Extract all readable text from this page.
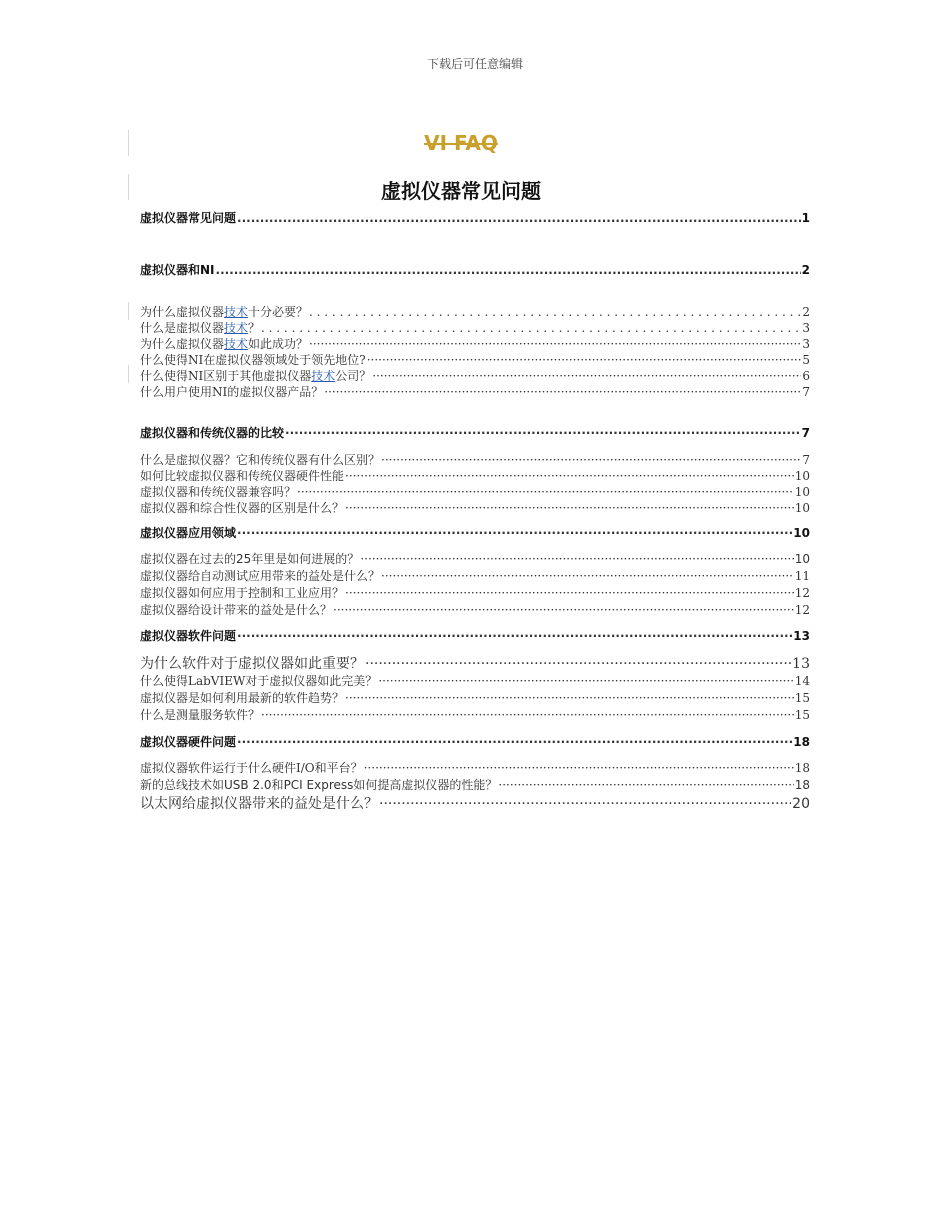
下载后可任意编辑
VI FAQ
虚拟仪器常见问题
虚拟仪器常见问题 .....	1
虚拟仪器和NI .....	2
为什么虚拟仪器技术十分必要？ . . .	2
什么是虚拟仪器技术？ . . .	3
为什么虚拟仪器技术如此成功？ ·····	3
什么使得NI在虚拟仪器领域处于领先地位? ·····	5
什么使得NI区别于其他虚拟仪器技术公司？ ·····	6
什么用户使用NI的虚拟仪器产品？ ·····	7
虚拟仪器和传统仪器的比较 ·····	7
什么是虚拟仪器？它和传统仪器有什么区别？ ·····	7
如何比较虚拟仪器和传统仪器硬件性能 ·····	10
虚拟仪器和传统仪器兼容吗？ ·····	10
虚拟仪器和综合性仪器的区别是什么？ ·····	10
虚拟仪器应用领域 ·····	10
虚拟仪器在过去的25年里是如何进展的？ ·····	10
虚拟仪器给自动测试应用带来的益处是什么？ ·····	11
虚拟仪器如何应用于控制和工业应用？ ·····	12
虚拟仪器给设计带来的益处是什么？ ·····	12
虚拟仪器软件问题 ·····	13
为什么软件对于虚拟仪器如此重要？ ·····	13
什么使得LabVIEW对于虚拟仪器如此完美？ ·····	14
虚拟仪器是如何利用最新的软件趋势？ ·····	15
什么是测量服务软件？ ·····	15
虚拟仪器硬件问题 ·····	18
虚拟仪器软件运行于什么硬件I/O和平台？ ·····	18
新的总线技术如USB 2.0和PCI Express如何提高虚拟仪器的性能？ ·····	18
以太网给虚拟仪器带来的益处是什么？ ·····	20
